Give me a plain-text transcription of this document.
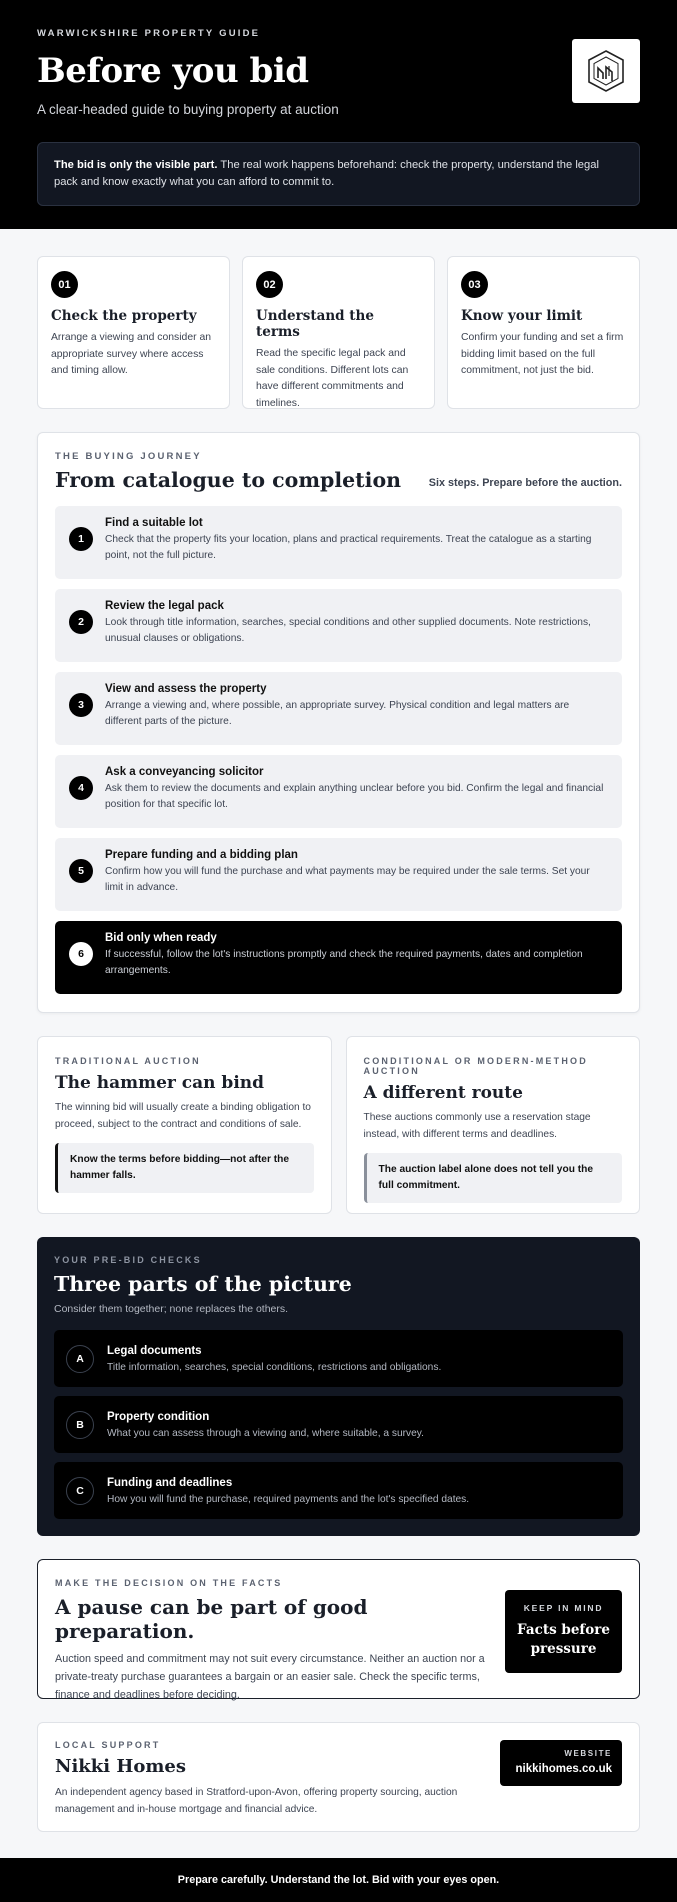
WARWICKSHIRE PROPERTY GUIDE
Before you bid
A clear-headed guide to buying property at auction
The bid is only the visible part. The real work happens beforehand: check the property, understand the legal pack and know exactly what you can afford to commit to.
01
Check the property

Arrange a viewing and consider an appropriate survey where access and timing allow.

02
Understand the terms

Read the specific legal pack and sale conditions. Different lots can have different commitments and timelines.

03
Know your limit

Confirm your funding and set a firm bidding limit based on the full commitment, not just the bid.

THE BUYING JOURNEY
From catalogue to completion	Six steps. Prepare before the auction.
1
Find a suitable lot

Check that the property fits your location, plans and practical requirements. Treat the catalogue as a starting point, not the full picture.

2
Review the legal pack

Look through title information, searches, special conditions and other supplied documents. Note restrictions, unusual clauses or obligations.

3
View and assess the property

Arrange a viewing and, where possible, an appropriate survey. Physical condition and legal matters are different parts of the picture.

4
Ask a conveyancing solicitor

Ask them to review the documents and explain anything unclear before you bid. Confirm the legal and financial position for that specific lot.

5
Prepare funding and a bidding plan

Confirm how you will fund the purchase and what payments may be required under the sale terms. Set your limit in advance.

6
Bid only when ready

If successful, follow the lot's instructions promptly and check the required payments, dates and completion arrangements.

TRADITIONAL AUCTION
The hammer can bind

The winning bid will usually create a binding obligation to proceed, subject to the contract and conditions of sale.

Know the terms before bidding—not after the hammer falls.
CONDITIONAL OR MODERN-METHOD AUCTION
A different route

These auctions commonly use a reservation stage instead, with different terms and deadlines.

The auction label alone does not tell you the full commitment.
YOUR PRE-BID CHECKS
Three parts of the picture
Consider them together; none replaces the others.
A
Legal documents

Title information, searches, special conditions, restrictions and obligations.

B
Property condition

What you can assess through a viewing and, where suitable, a survey.

C
Funding and deadlines

How you will fund the purchase, required payments and the lot's specified dates.

MAKE THE DECISION ON THE FACTS
A pause can be part of good preparation.

Auction speed and commitment may not suit every circumstance. Neither an auction nor a private-treaty purchase guarantees a bargain or an easier sale. Check the specific terms, finance and deadlines before deciding.

KEEP IN MIND
Facts before
pressure
LOCAL SUPPORT
Nikki Homes

An independent agency based in Stratford-upon-Avon, offering property sourcing, auction management and in-house mortgage and financial advice.

WEBSITE
nikkihomes.co.uk
Prepare carefully. Understand the lot. Bid with your eyes open.
